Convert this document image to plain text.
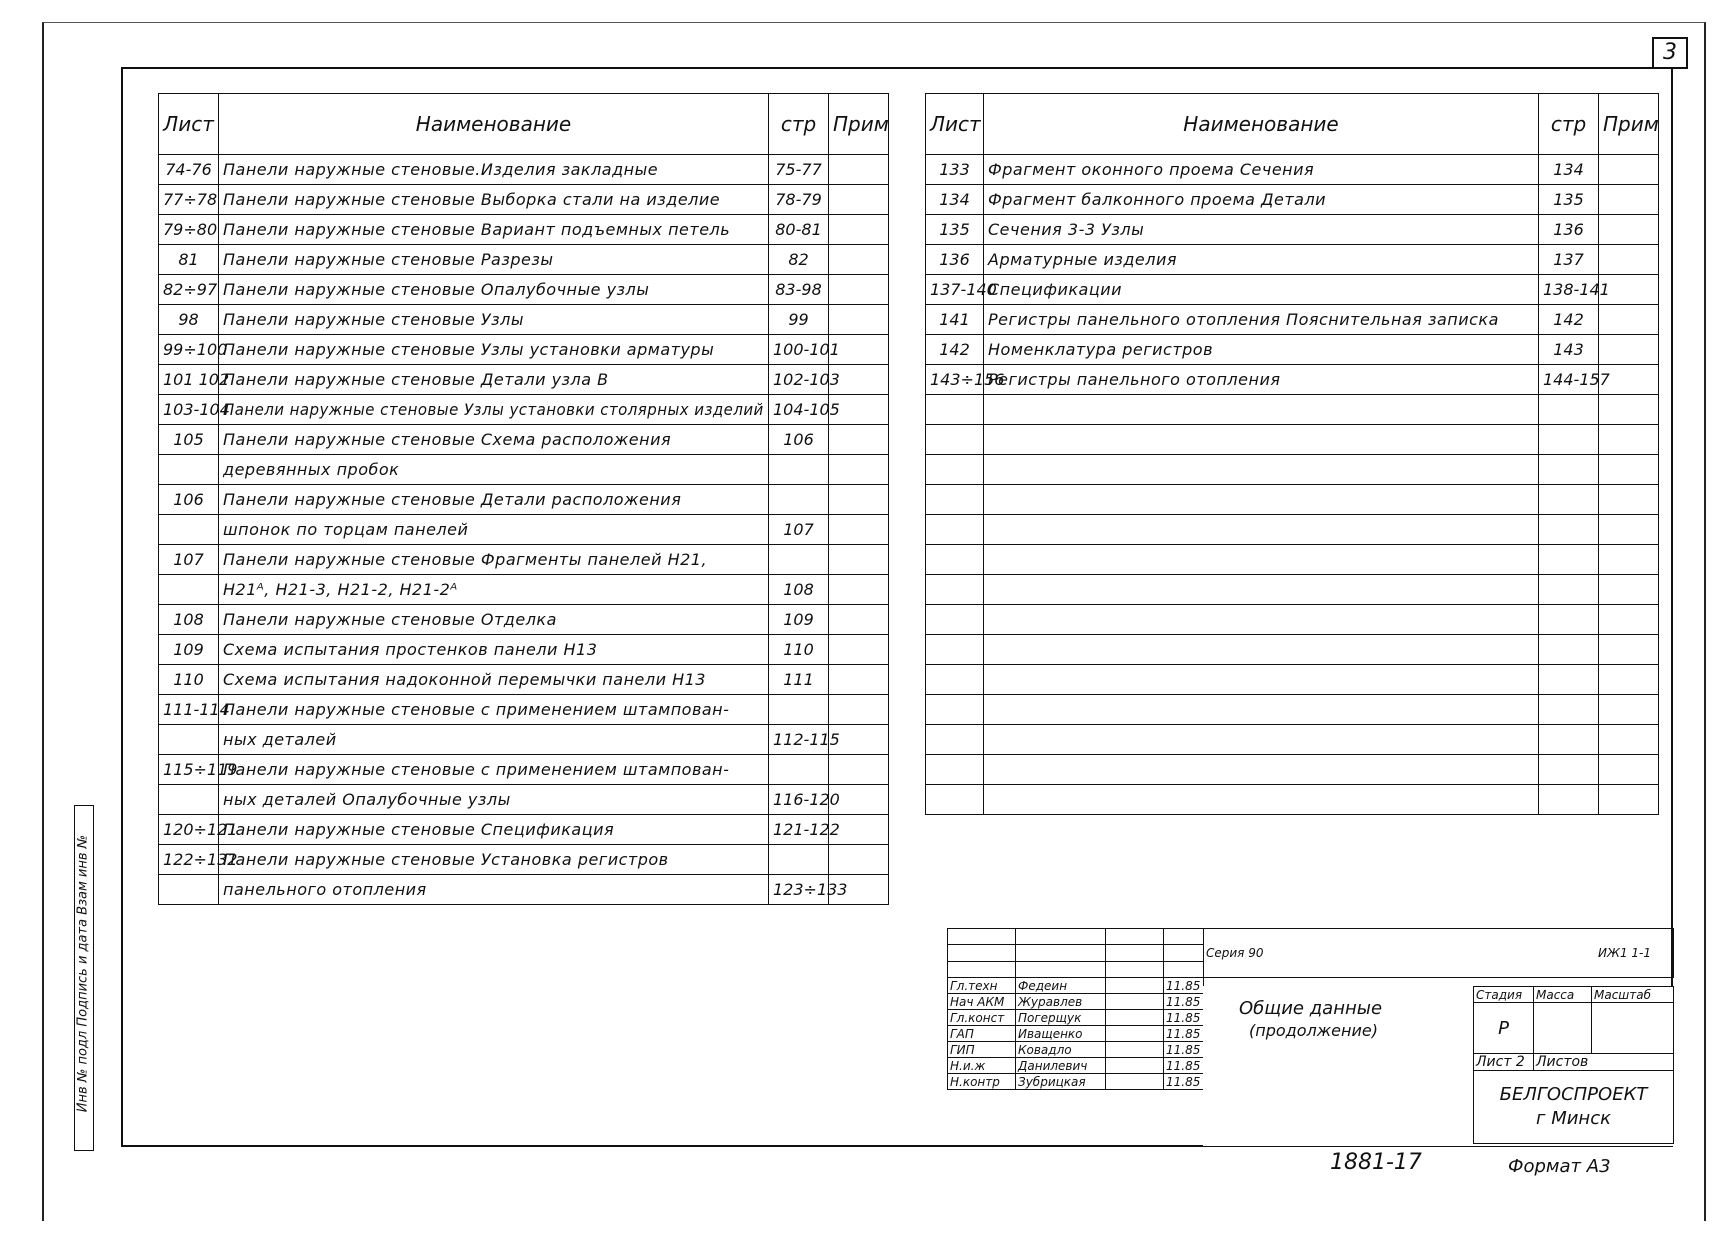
3
Лист	Наименование	стр	Прим
74-76	Панели наружные стеновые.Изделия закладные	75-77	
77÷78	Панели наружные стеновые Выборка стали на изделие	78-79	
79÷80	Панели наружные стеновые Вариант подъемных петель	80-81	
81	Панели наружные стеновые Разрезы	82	
82÷97	Панели наружные стеновые Опалубочные узлы	83-98	
98	Панели наружные стеновые Узлы	99	
99÷100	Панели наружные стеновые Узлы установки арматуры	100-101	
101 102	Панели наружные стеновые Детали узла В	102-103	
103-104	Панели наружные стеновые Узлы установки столярных изделий	104-105	
105	Панели наружные стеновые Схема расположения	106	
	деревянных пробок		
106	Панели наружные стеновые Детали расположения		
	шпонок по торцам панелей	107	
107	Панели наружные стеновые Фрагменты панелей Н21,		
	Н21ᴬ, Н21-3, Н21-2, Н21-2ᴬ	108	
108	Панели наружные стеновые Отделка	109	
109	Схема испытания простенков панели Н13	110	
110	Схема испытания надоконной перемычки панели Н13	111	
111-114	Панели наружные стеновые с применением штампован-		
	ных деталей	112-115	
115÷119	Панели наружные стеновые с применением штампован-		
	ных деталей Опалубочные узлы	116-120	
120÷121	Панели наружные стеновые Спецификация	121-122	
122÷132	Панели наружные стеновые Установка регистров		
	панельного отопления	123÷133	
Лист	Наименование	стр	Прим
133	Фрагмент оконного проема Сечения	134	
134	Фрагмент балконного проема Детали	135	
135	Сечения 3-3 Узлы	136	
136	Арматурные изделия	137	
137-140	Спецификации	138-141	
141	Регистры панельного отопления Пояснительная записка	142	
142	Номенклатура регистров	143	
143÷156	Регистры панельного отопления	144-157	

				Серия 90 ИЖ1 1-1			

Гл.техн	Федеин		11.85				
Нач АКМ	Журавлев		11.85				
Гл.конст	Погерщук		11.85				
ГАП	Иващенко		11.85				
ГИП	Ковадло		11.85				
Н.и.ж	Данилевич		11.85				
Н.контр	Зубрицкая		11.85				
Общие данные
(продолжение)
Стадия	Масса	Масштаб
Р		
Лист 2	Листов	

БЕЛГОСПРОЕКТ
г Минск		
Инв № подл Подпись и дата Взам инв №
1881-17	Формат А3
